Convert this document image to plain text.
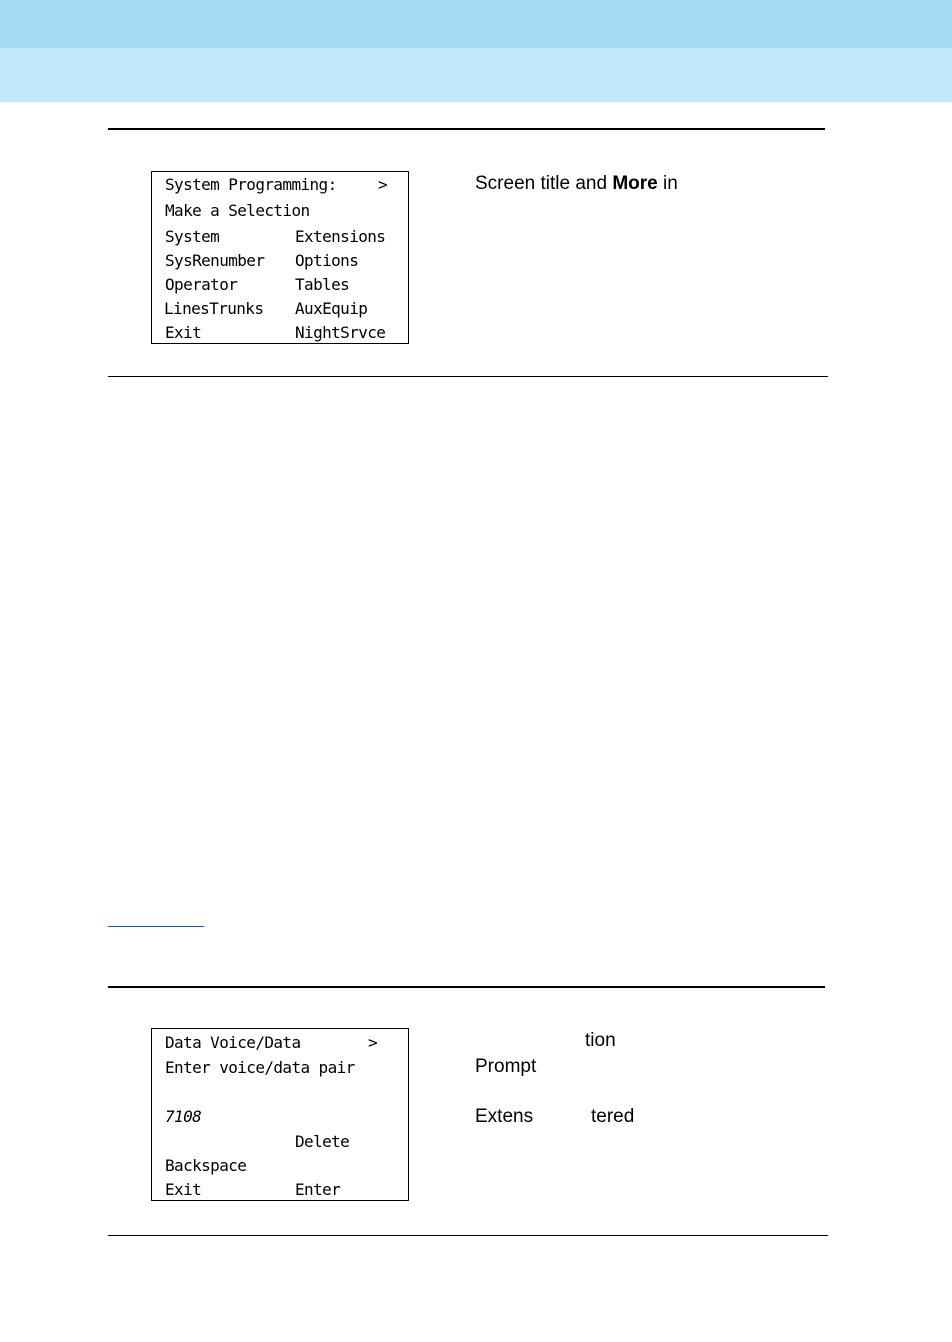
System Programming:	>
Make a Selection
System	Extensions
SysRenumber Options
Operator	Tables
LinesTrunks AuxEquip
Exit	NightSrvce
Screen title and More in
Data Voice/Data	>
Enter voice/data pair
7108
Delete
Backspace
Exit	Enter
tion
Prompt
Extens	tered
